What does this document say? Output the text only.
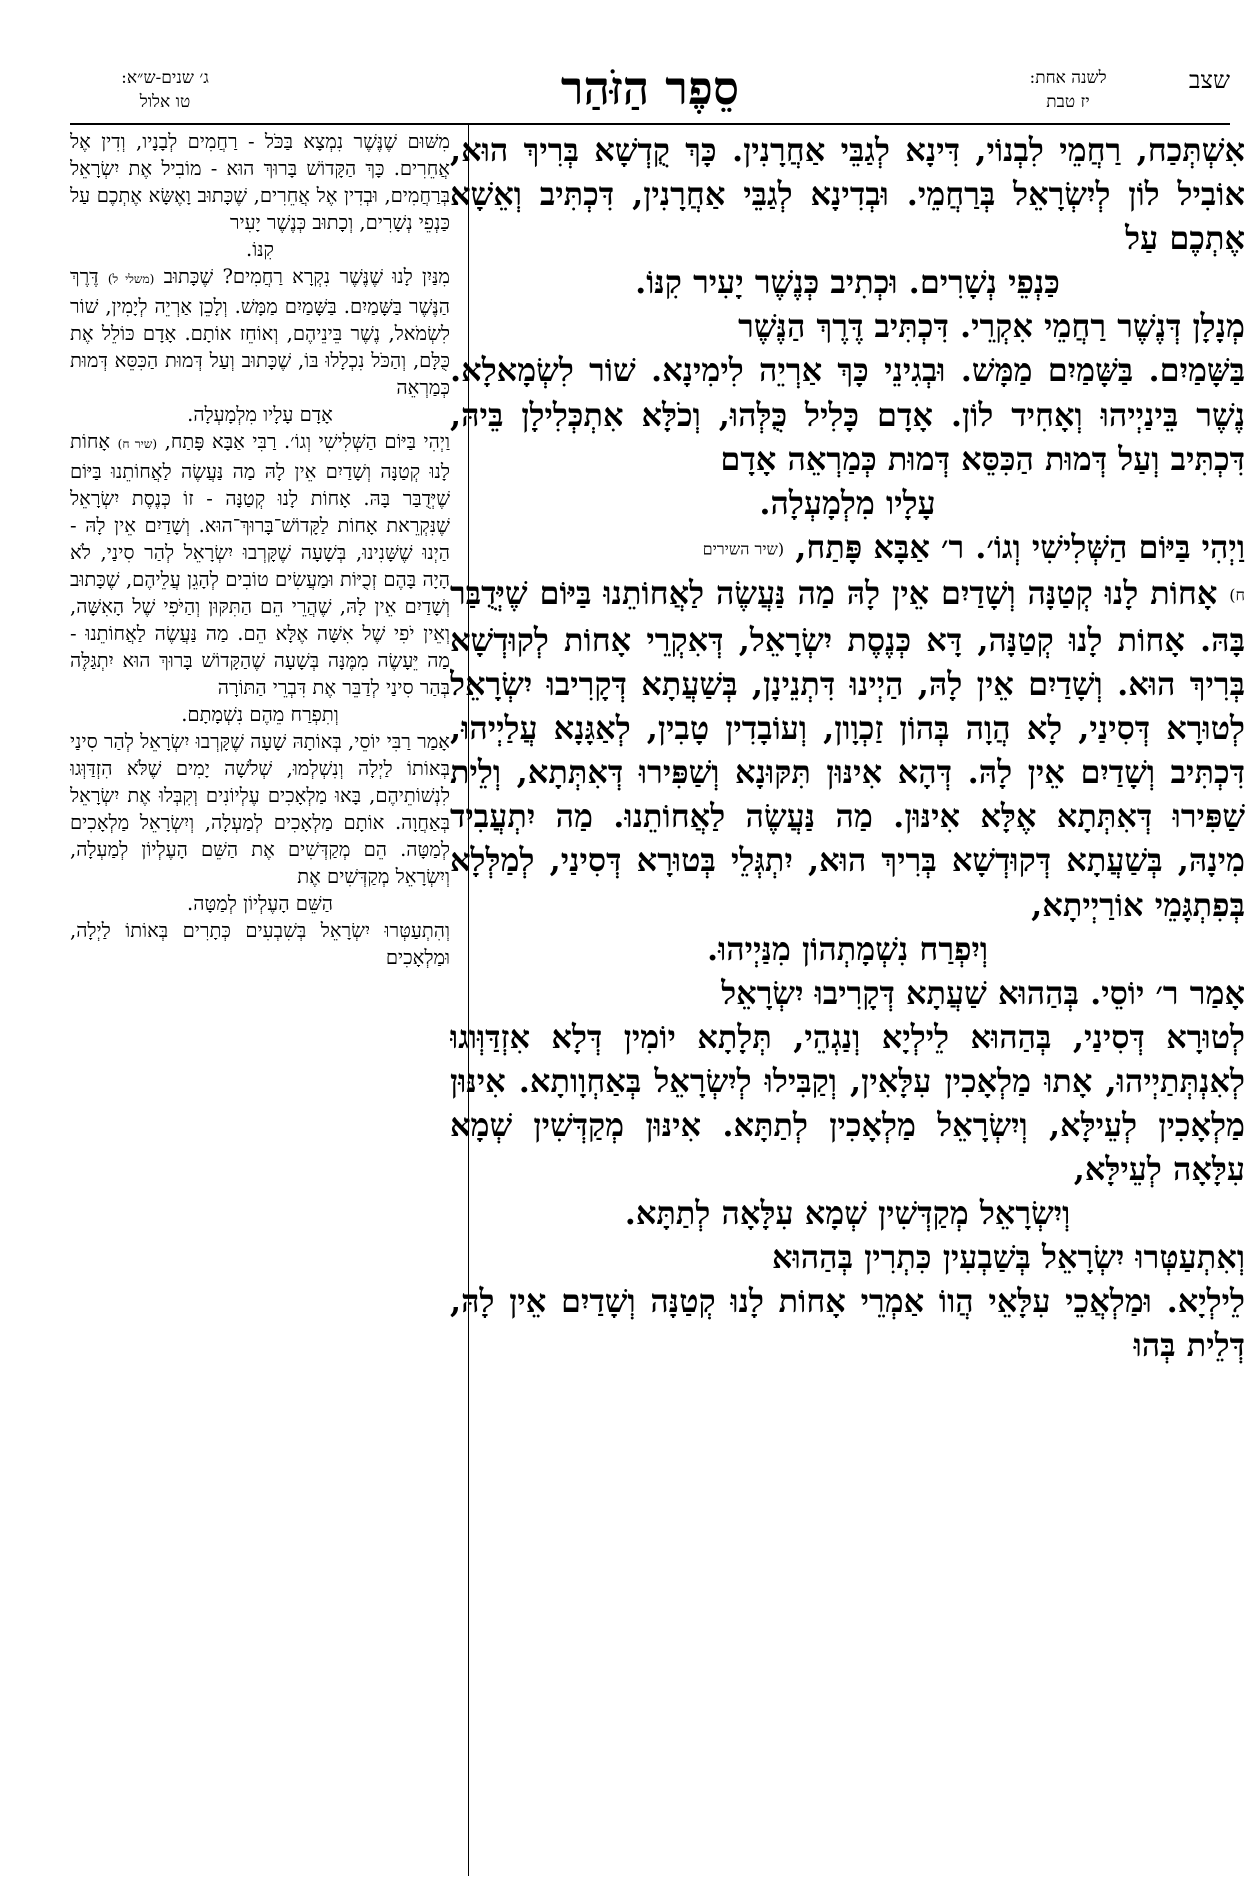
שצב
לשנה אחת:
יז טבת
סֵפֶר הַזֹּהַר
ג׳ שנים-ש״א:
טו אלול

אִשְׁתְּכַח, רַחֲמֵי לִבְנוֹי, דִּינָא לְגַבֵּי אַחֲרָנִין. כָּךְ קֻדְשָׁא בְּרִיךְ הוּא, אוֹבִיל לוֹן לְיִשְׂרָאֵל בְּרַחֲמֵי. וּבְדִינָא לְגַבֵּי אַחֲרָנִין, דִּכְתִּיב וְאֵשָׁא אֶתְכֶם עַל

כַּנְפֵי נְשָׁרִים. וּכְתִיב כְּנֶשֶׁר יָעִיר קִנּוֹ.

מְנָלָן דְּנֶשֶׁר רַחֲמֵי אִקְרֵי. דִּכְתִּיב דֶּרֶךְ הַנֶּשֶׁר

בַּשָּׁמַיִם. בַּשָּׁמַיִם מַמָּשׁ. וּבְגִינֵי כָּךְ אַרְיֵה לִימִינָא. שׁוֹר לִשְׂמָאלָא. נֶשֶׁר בֵּינַיְיהוּ וְאָחִיד לוֹן. אָדָם כָּלִיל כֻּלְּהוּ, וְכֹלָּא אִתְכְּלִילָן בֵּיהּ, דִּכְתִּיב וְעַל דְּמוּת הַכִּסֵּא דְּמוּת כְּמַרְאֵה אָדָם

עָלָיו מִלְמָעְלָה.

וַיְהִי בַּיּוֹם הַשְּׁלִישִׁי וְגוֹ׳. ר׳ אַבָּא פָּתַח, (שיר השירים

ח) אָחוֹת לָנוּ קְטַנָּה וְשָׁדַיִם אֵין לָהּ מַה נַּעֲשֶׂה לַאֲחוֹתֵנוּ בַּיּוֹם שֶׁיְּדֻבַּר בָּהּ. אָחוֹת לָנוּ קְטַנָּה, דָּא כְּנֶסֶת יִשְׂרָאֵל, דְּאִקְרֵי אָחוֹת לְקוּדְשָׁא בְּרִיךְ הוּא. וְשָׁדַיִם אֵין לָהּ, הַיְינוּ דִּתְנֵינָן, בְּשַׁעֲתָא דְּקָרִיבוּ יִשְׂרָאֵל לְטוּרָא דְּסִינַי, לָא הֲוָה בְּהוֹן זַכְוָון, וְעוֹבָדִין טָבִין, לְאַגָּנָא עֲלַיְיהוּ, דִּכְתִּיב וְשָׁדַיִם אֵין לָהּ. דְּהָא אִינּוּן תִּקּוּנָא וְשַׁפִּירוּ דְּאִתְּתָא, וְלֵית שַׁפִּירוּ דְּאִתְּתָא אֶלָּא אִינּוּן. מַה נַּעֲשֶׂה לַאֲחוֹתֵנוּ. מַה יִתְעֲבִיד מִינָהּ, בְּשַׁעֲתָא דְּקוּדְשָׁא בְּרִיךְ הוּא, יִתְגְּלֵי בְּטוּרָא דְּסִינַי, לְמַלְּלָא בְּפִתְגָּמֵי אוֹרַיְיתָא,

וְיִפְרַח נִשְׁמָתְהוֹן מִנַּיְיהוּ.

אָמַר ר׳ יוֹסֵי. בְּהַהוּא שַׁעֲתָא דְּקָרִיבוּ יִשְׂרָאֵל

לְטוּרָא דְּסִינַי, בְּהַהוּא לֵילְיָא וְנַגְהֵי, תְּלָתָא יוֹמִין דְּלָא אִזְדַּוְּוגוּ לְאִנְתְּתַיְיהוּ, אָתוּ מַלְאָכִין עִלָּאִין, וְקַבִּילוּ לְיִשְׂרָאֵל בְּאַחְוָותָא. אִינּוּן מַלְאָכִין לְעֵילָּא, וְיִשְׂרָאֵל מַלְאָכִין לְתַתָּא. אִינּוּן מְקַדְּשִׁין שְׁמָא עִלָּאָה לְעֵילָּא,

וְיִשְׂרָאֵל מְקַדְּשִׁין שְׁמָא עִלָּאָה לְתַתָּא.

וְאִתְעַטְּרוּ יִשְׂרָאֵל בְּשַׁבְעִין כִּתְרִין בְּהַהוּא

לֵילְיָא. וּמַלְאֲכֵי עִלָּאֵי הֲווֹ אַמְרֵי אָחוֹת לָנוּ קְטַנָּה וְשָׁדַיִם אֵין לָהּ, דְּלֵית בְּהוּ

מִשּׁוּם שֶׁנֶּשֶׁר נִמְצָא בַּכֹּל - רַחֲמִים לְבָנָיו, וְדִין אֶל אֲחֵרִים. כָּךְ הַקָּדוֹשׁ בָּרוּךְ הוּא - מוֹבִיל אֶת יִשְׂרָאֵל בְּרַחֲמִים, וּבְדִין אֶל אֲחֵרִים, שֶׁכָּתוּב וָאֶשָּׂא אֶתְכֶם עַל כַּנְפֵי נְשָׁרִים, וְכָתוּב כְּנֶשֶׁר יָעִיר

קִנּוֹ.

מִנַּיִן לָנוּ שֶׁנֶּשֶׁר נִקְרָא רַחֲמִים? שֶׁכָּתוּב (משלי ל) דֶּרֶךְ הַנֶּשֶׁר בַּשָּׁמַיִם. בַּשָּׁמַיִם מַמָּשׁ. וְלָכֵן אַרְיֵה לְיָמִין, שׁוֹר לִשְׂמֹאל, נֶשֶׁר בֵּינֵיהֶם, וְאוֹחֵז אוֹתָם. אָדָם כּוֹלֵל אֶת כֻּלָּם, וְהַכֹּל נִכְלָלוּ בּוֹ, שֶׁכָּתוּב וְעַל דְּמוּת הַכִּסֵּא דְּמוּת כְּמַרְאֵה

אָדָם עָלָיו מִלְמָעְלָה.

וַיְהִי בַּיּוֹם הַשְּׁלִישִׁי וְגוֹ׳. רַבִּי אַבָּא פָּתַח, (שיר ח) אָחוֹת לָנוּ קְטַנָּה וְשָׁדַיִם אֵין לָהּ מַה נַּעֲשֶׂה לַאֲחוֹתֵנוּ בַּיּוֹם שֶׁיְּדֻבַּר בָּהּ. אָחוֹת לָנוּ קְטַנָּה - זוֹ כְּנֶסֶת יִשְׂרָאֵל שֶׁנִּקְרֵאת אָחוֹת לַקָּדוֹשׁ־בָּרוּךְ־הוּא. וְשָׁדַיִם אֵין לָהּ - הַיְנוּ שֶׁשָּׁנִינוּ, בְּשָׁעָה שֶׁקָּרְבוּ יִשְׂרָאֵל לְהַר סִינַי, לֹא הָיָה בָּהֶם זְכֻיּוֹת וּמַעֲשִׂים טוֹבִים לְהָגֵן עֲלֵיהֶם, שֶׁכָּתוּב וְשָׁדַיִם אֵין לָהּ, שֶׁהֲרֵי הֵם הַתִּקּוּן וְהַיֹּפִי שֶׁל הָאִשָּׁה, וְאֵין יֹפִי שֶׁל אִשָּׁה אֶלָּא הֵם. מַה נַּעֲשֶׂה לַאֲחוֹתֵנוּ - מַה יֵּעָשֶׂה מִמֶּנָּה בְּשָׁעָה שֶׁהַקָּדוֹשׁ בָּרוּךְ הוּא יִתְגַּלֶּה בְּהַר סִינַי לְדַבֵּר אֶת דִּבְרֵי הַתּוֹרָה

וְתִפְרַח מֵהֶם נִשְׁמָתָם.

אָמַר רַבִּי יוֹסֵי, בְּאוֹתָהּ שָׁעָה שֶׁקָּרְבוּ יִשְׂרָאֵל לְהַר סִינַי בְּאוֹתוֹ לַיְלָה וְנִשְׁלְמוּ, שְׁלֹשָׁה יָמִים שֶׁלֹּא הִזְדַּוְּגוּ לִנְשׁוֹתֵיהֶם, בָּאוּ מַלְאָכִים עֶלְיוֹנִים וְקִבְּלוּ אֶת יִשְׂרָאֵל בְּאַחֲוָה. אוֹתָם מַלְאָכִים לְמַעְלָה, וְיִשְׂרָאֵל מַלְאָכִים לְמַטָּה. הֵם מְקַדְּשִׁים אֶת הַשֵּׁם הָעֶלְיוֹן לְמַעְלָה, וְיִשְׂרָאֵל מְקַדְּשִׁים אֶת

הַשֵּׁם הָעֶלְיוֹן לְמַטָּה.

וְהִתְעַטְּרוּ יִשְׂרָאֵל בְּשִׁבְעִים כְּתָרִים בְּאוֹתוֹ לַיְלָה, וּמַלְאָכִים
